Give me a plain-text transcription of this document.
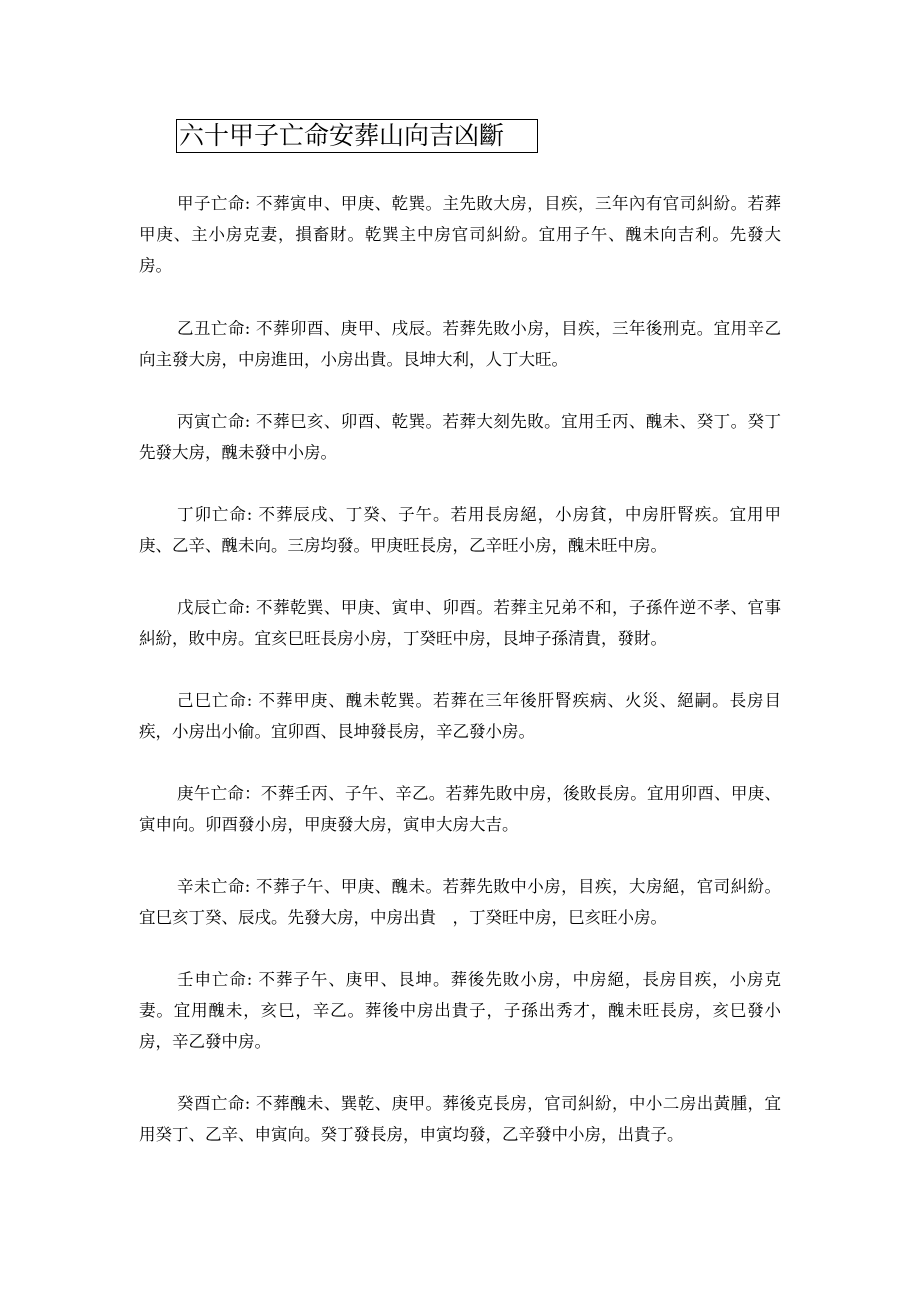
六十甲子亡命安葬山向吉凶斷

甲子亡命: 不葬寅申、甲庚、乾巽。主先敗大房，目疾，三年內有官司糾紛。若葬甲庚、主小房克妻，損畜財。乾巽主中房官司糾紛。宜用子午、醜未向吉利。先發大房。

乙丑亡命: 不葬卯酉、庚甲、戌辰。若葬先敗小房，目疾，三年後刑克。宜用辛乙向主發大房，中房進田，小房出貴。艮坤大利，人丁大旺。

丙寅亡命: 不葬巳亥、卯酉、乾巽。若葬大刻先敗。宜用壬丙、醜未、癸丁。癸丁先發大房，醜未發中小房。

丁卯亡命: 不葬辰戌、丁癸、子午。若用長房絕，小房貧，中房肝腎疾。宜用甲庚、乙辛、醜未向。三房均發。甲庚旺長房，乙辛旺小房，醜未旺中房。

戊辰亡命: 不葬乾巽、甲庚、寅申、卯酉。若葬主兄弟不和，子孫仵逆不孝、官事糾紛，敗中房。宜亥巳旺長房小房，丁癸旺中房，艮坤子孫清貴，發財。

己巳亡命: 不葬甲庚、醜未乾巽。若葬在三年後肝腎疾病、火災、絕嗣。長房目疾，小房出小偷。宜卯酉、艮坤發長房，辛乙發小房。

庚午亡命：不葬壬丙、子午、辛乙。若葬先敗中房，後敗長房。宜用卯酉、甲庚、寅申向。卯酉發小房，甲庚發大房，寅申大房大吉。

辛未亡命: 不葬子午、甲庚、醜未。若葬先敗中小房，目疾，大房絕，官司糾紛。宜巳亥丁癸、辰戌。先發大房，中房出貴　，丁癸旺中房，巳亥旺小房。

壬申亡命: 不葬子午、庚甲、艮坤。葬後先敗小房，中房絕，長房目疾，小房克妻。宜用醜未，亥巳，辛乙。葬後中房出貴子，子孫出秀才，醜未旺長房，亥巳發小房，辛乙發中房。

癸酉亡命: 不葬醜未、巽乾、庚甲。葬後克長房，官司糾紛，中小二房出黃腫，宜用癸丁、乙辛、申寅向。癸丁發長房，申寅均發，乙辛發中小房，出貴子。
